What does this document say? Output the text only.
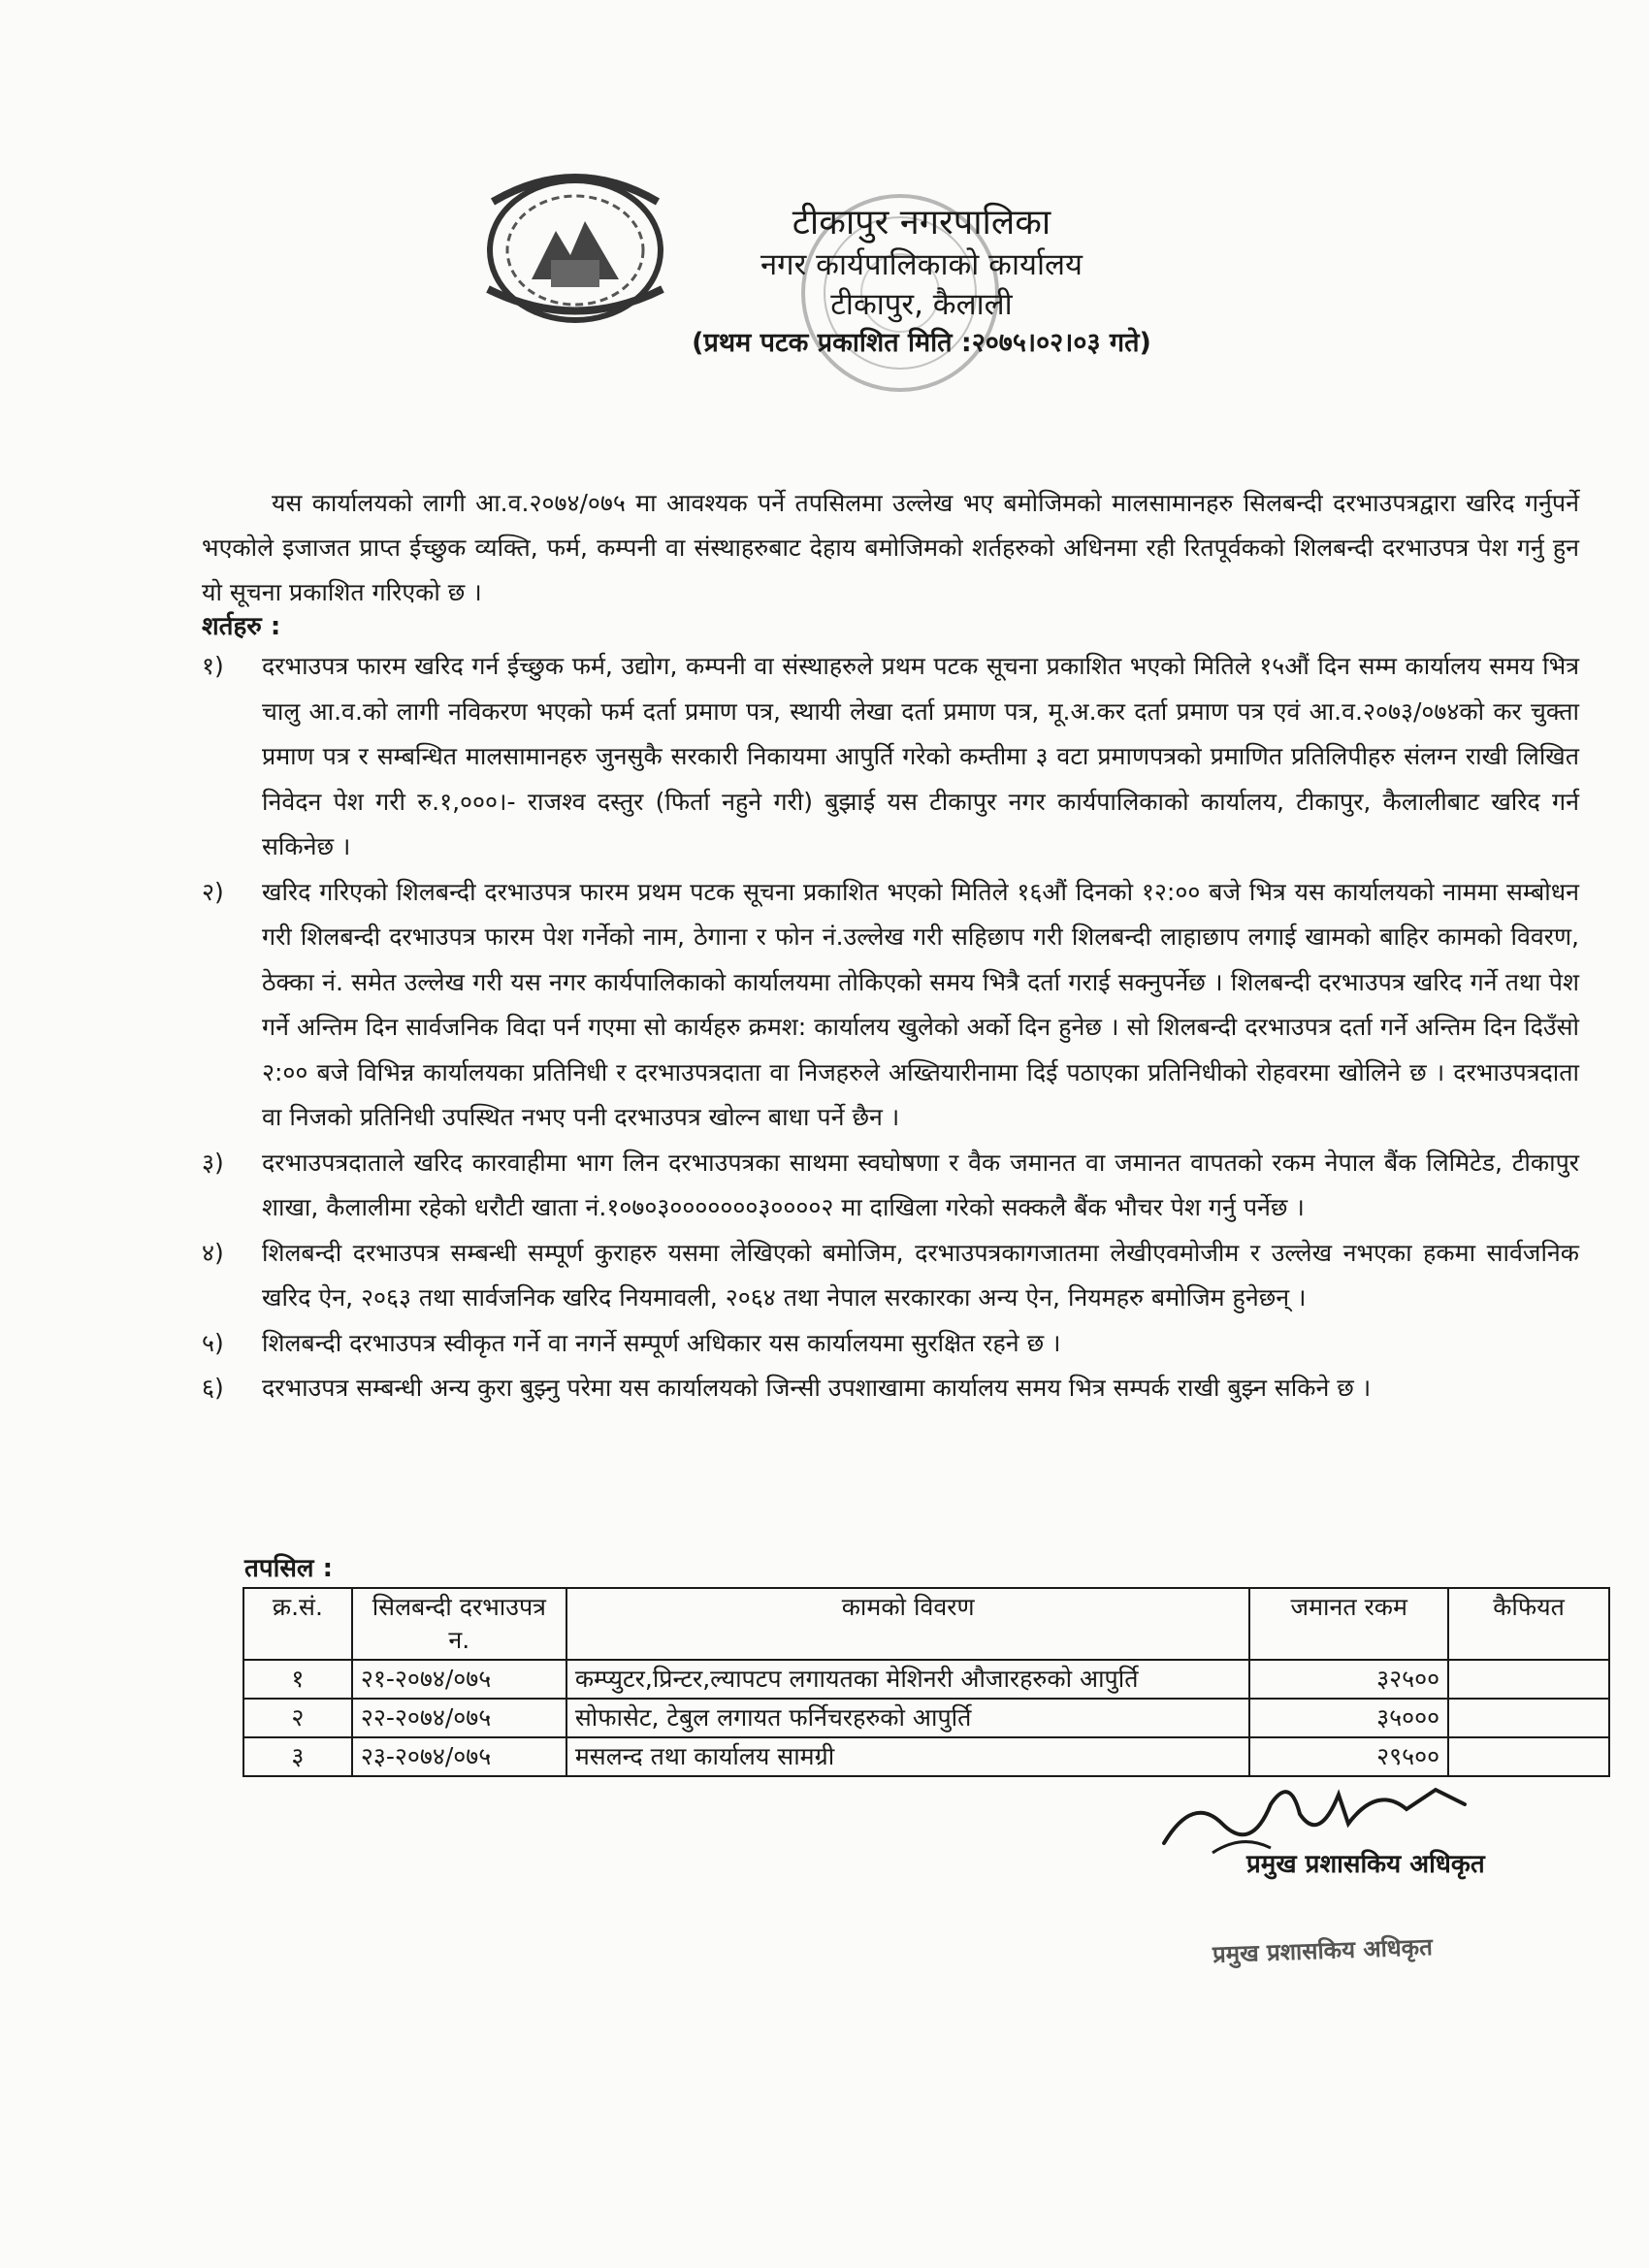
टीकापुर नगरपालिका
नगर कार्यपालिकाको कार्यालय
टीकापुर, कैलाली
(प्रथम पटक प्रकाशित मिति :२०७५।०२।०३ गते)

यस कार्यालयको लागी आ.व.२०७४/०७५ मा आवश्यक पर्ने तपसिलमा उल्लेख भए बमोजिमको मालसामानहरु सिलबन्दी दरभाउपत्रद्वारा खरिद गर्नुपर्ने भएकोले इजाजत प्राप्त ईच्छुक व्यक्ति, फर्म, कम्पनी वा संस्थाहरुबाट देहाय बमोजिमको शर्तहरुको अधिनमा रही रितपूर्वकको शिलबन्दी दरभाउपत्र पेश गर्नु हुन यो सूचना प्रकाशित गरिएको छ ।

शर्तहरु :
१)	दरभाउपत्र फारम खरिद गर्न ईच्छुक फर्म, उद्योग, कम्पनी वा संस्थाहरुले प्रथम पटक सूचना प्रकाशित भएको मितिले १५औं दिन सम्म कार्यालय समय भित्र चालु आ.व.को लागी नविकरण भएको फर्म दर्ता प्रमाण पत्र, स्थायी लेखा दर्ता प्रमाण पत्र, मू.अ.कर दर्ता प्रमाण पत्र एवं आ.व.२०७३/०७४को कर चुक्ता प्रमाण पत्र र सम्बन्धित मालसामानहरु जुनसुकै सरकारी निकायमा आपुर्ति गरेको कम्तीमा ३ वटा प्रमाणपत्रको प्रमाणित प्रतिलिपीहरु संलग्न राखी लिखित निवेदन पेश गरी रु.१,०००।- राजश्व दस्तुर (फिर्ता नहुने गरी) बुझाई यस टीकापुर नगर कार्यपालिकाको कार्यालय, टीकापुर, कैलालीबाट खरिद गर्न सकिनेछ ।
२)	खरिद गरिएको शिलबन्दी दरभाउपत्र फारम प्रथम पटक सूचना प्रकाशित भएको मितिले १६औं दिनको १२:०० बजे भित्र यस कार्यालयको नाममा सम्बोधन गरी शिलबन्दी दरभाउपत्र फारम पेश गर्नेको नाम, ठेगाना र फोन नं.उल्लेख गरी सहिछाप गरी शिलबन्दी लाहाछाप लगाई खामको बाहिर कामको विवरण, ठेक्का नं. समेत उल्लेख गरी यस नगर कार्यपालिकाको कार्यालयमा तोकिएको समय भित्रै दर्ता गराई सक्नुपर्नेछ । शिलबन्दी दरभाउपत्र खरिद गर्ने तथा पेश गर्ने अन्तिम दिन सार्वजनिक विदा पर्न गएमा सो कार्यहरु क्रमश: कार्यालय खुलेको अर्को दिन हुनेछ । सो शिलबन्दी दरभाउपत्र दर्ता गर्ने अन्तिम दिन दिउँसो २:०० बजे विभिन्न कार्यालयका प्रतिनिधी र दरभाउपत्रदाता वा निजहरुले अख्तियारीनामा दिई पठाएका प्रतिनिधीको रोहवरमा खोलिने छ । दरभाउपत्रदाता वा निजको प्रतिनिधी उपस्थित नभए पनी दरभाउपत्र खोल्न बाधा पर्ने छैन ।
३)	दरभाउपत्रदाताले खरिद कारवाहीमा भाग लिन दरभाउपत्रका साथमा स्वघोषणा र वैक जमानत वा जमानत वापतको रकम नेपाल बैंक लिमिटेड, टीकापुर शाखा, कैलालीमा रहेको धरौटी खाता नं.१०७०३०००००००३००००२ मा दाखिला गरेको सक्कलै बैंक भौचर पेश गर्नु पर्नेछ ।
४)	शिलबन्दी दरभाउपत्र सम्बन्धी सम्पूर्ण कुराहरु यसमा लेखिएको बमोजिम, दरभाउपत्रकागजातमा लेखीएवमोजीम र उल्लेख नभएका हकमा सार्वजनिक खरिद ऐन, २०६३ तथा सार्वजनिक खरिद नियमावली, २०६४ तथा नेपाल सरकारका अन्य ऐन, नियमहरु बमोजिम हुनेछन् ।
५)	शिलबन्दी दरभाउपत्र स्वीकृत गर्ने वा नगर्ने सम्पूर्ण अधिकार यस कार्यालयमा सुरक्षित रहने छ ।
६)	दरभाउपत्र सम्बन्धी अन्य कुरा बुझ्नु परेमा यस कार्यालयको जिन्सी उपशाखामा कार्यालय समय भित्र सम्पर्क राखी बुझ्न सकिने छ ।
तपसिल :
क्र.सं.	सिलबन्दी दरभाउपत्र न.	कामको विवरण	जमानत रकम	कैफियत
१	२१-२०७४/०७५	कम्प्युटर,प्रिन्टर,ल्यापटप लगायतका मेशिनरी औजारहरुको आपुर्ति	३२५००	
२	२२-२०७४/०७५	सोफासेट, टेबुल लगायत फर्निचरहरुको आपुर्ति	३५०००	
३	२३-२०७४/०७५	मसलन्द तथा कार्यालय सामग्री	२९५००	
प्रमुख प्रशासकिय अधिकृत
प्रमुख प्रशासकिय अधिकृत
